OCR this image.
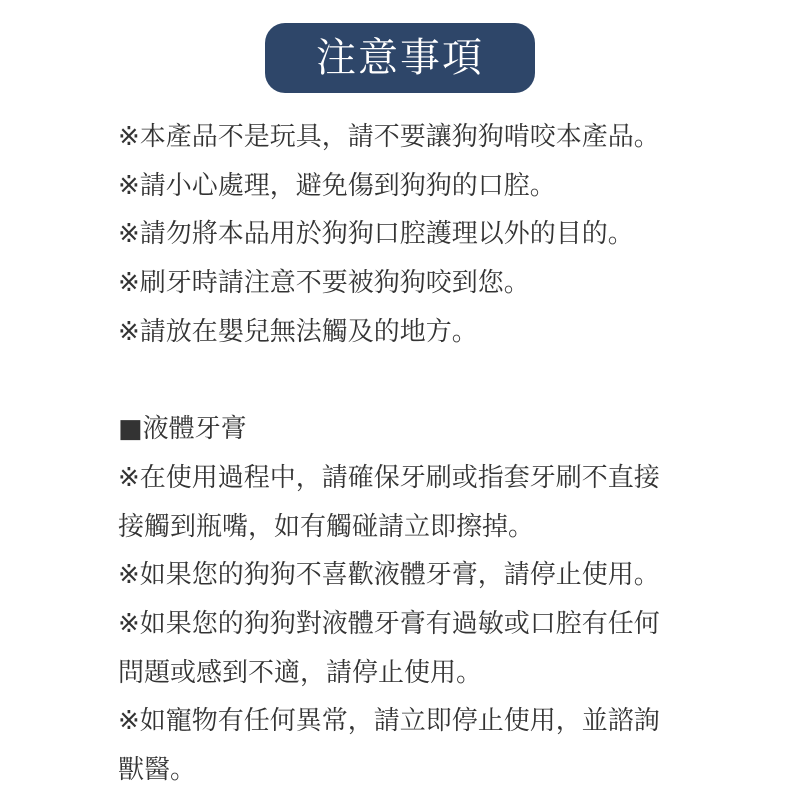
注意事項
※本產品不是玩具，請不要讓狗狗啃咬本產品。
※請小心處理，避免傷到狗狗的口腔。
※請勿將本品用於狗狗口腔護理以外的目的。
※刷牙時請注意不要被狗狗咬到您。
※請放在嬰兒無法觸及的地方。
■液體牙膏
※在使用過程中，請確保牙刷或指套牙刷不直接
接觸到瓶嘴，如有觸碰請立即擦掉。
※如果您的狗狗不喜歡液體牙膏，請停止使用。
※如果您的狗狗對液體牙膏有過敏或口腔有任何
問題或感到不適，請停止使用。
※如寵物有任何異常，請立即停止使用，並諮詢
獸醫。
